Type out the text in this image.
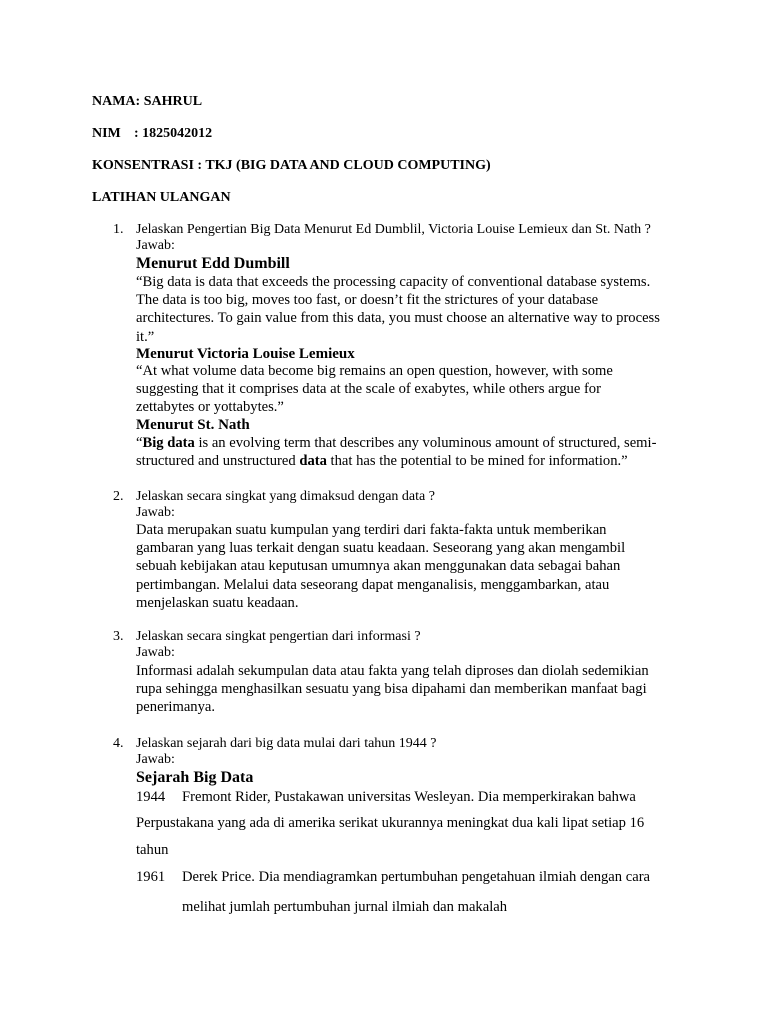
NAMA: SAHRUL
NIM : 1825042012
KONSENTRASI : TKJ (BIG DATA AND CLOUD COMPUTING)
LATIHAN ULANGAN
1. Jelaskan Pengertian Big Data Menurut Ed Dumblil, Victoria Louise Lemieux dan St. Nath ?
Jawab:
Menurut Edd Dumbill
“Big data is data that exceeds the processing capacity of conventional database systems.
The data is too big, moves too fast, or doesn’t fit the strictures of your database
architectures. To gain value from this data, you must choose an alternative way to process
it.”
Menurut Victoria Louise Lemieux
“At what volume data become big remains an open question, however, with some
suggesting that it comprises data at the scale of exabytes, while others argue for
zettabytes or yottabytes.”
Menurut St. Nath
“Big data is an evolving term that describes any voluminous amount of structured, semi-
structured and unstructured data that has the potential to be mined for information.”
2. Jelaskan secara singkat yang dimaksud dengan data ?
Jawab:
Data merupakan suatu kumpulan yang terdiri dari fakta-fakta untuk memberikan
gambaran yang luas terkait dengan suatu keadaan. Seseorang yang akan mengambil
sebuah kebijakan atau keputusan umumnya akan menggunakan data sebagai bahan
pertimbangan. Melalui data seseorang dapat menganalisis, menggambarkan, atau
menjelaskan suatu keadaan.
3. Jelaskan secara singkat pengertian dari informasi ?
Jawab:
Informasi adalah sekumpulan data atau fakta yang telah diproses dan diolah sedemikian
rupa sehingga menghasilkan sesuatu yang bisa dipahami dan memberikan manfaat bagi
penerimanya.
4. Jelaskan sejarah dari big data mulai dari tahun 1944 ?
Jawab:
Sejarah Big Data
1944 Fremont Rider, Pustakawan universitas Wesleyan. Dia memperkirakan bahwa
Perpustakana yang ada di amerika serikat ukurannya meningkat dua kali lipat setiap 16
tahun
1961 Derek Price. Dia mendiagramkan pertumbuhan pengetahuan ilmiah dengan cara
melihat jumlah pertumbuhan jurnal ilmiah dan makalah
